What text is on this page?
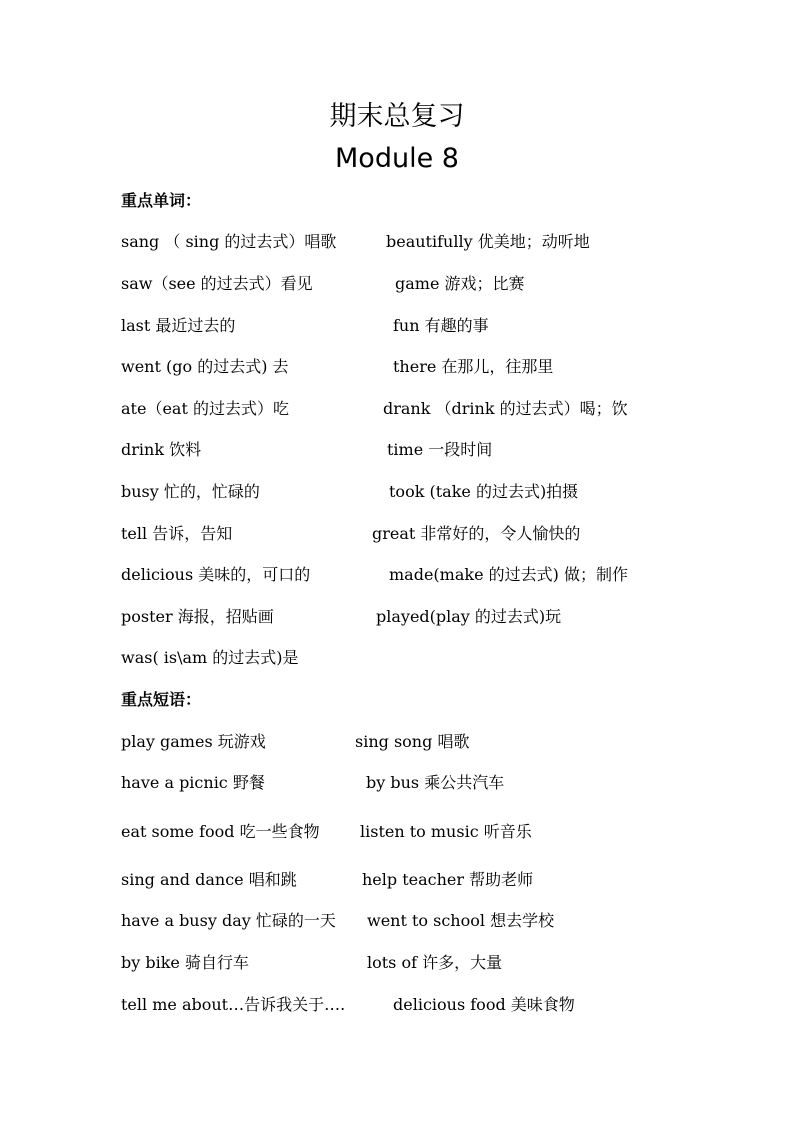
期末总复习
Module 8
重点单词：
sang （ sing 的过去式）唱歌	beautifully 优美地；动听地
saw（see 的过去式）看见	game 游戏；比赛
last 最近过去的	fun 有趣的事
went (go 的过去式) 去	there 在那儿，往那里
ate（eat 的过去式）吃	drank （drink 的过去式）喝；饮
drink 饮料	time 一段时间
busy 忙的，忙碌的	took (take 的过去式)拍摄
tell 告诉，告知	great 非常好的，令人愉快的
delicious 美味的，可口的	made(make 的过去式) 做；制作
poster 海报，招贴画	played(play 的过去式)玩
was( is\am 的过去式)是
重点短语：
play games 玩游戏	sing song 唱歌
have a picnic 野餐	by bus 乘公共汽车
eat some food 吃一些食物	listen to music 听音乐
sing and dance 唱和跳	help teacher 帮助老师
have a busy day 忙碌的一天 went to school 想去学校
by bike 骑自行车	lots of 许多，大量
tell me about…告诉我关于….	delicious food 美味食物
